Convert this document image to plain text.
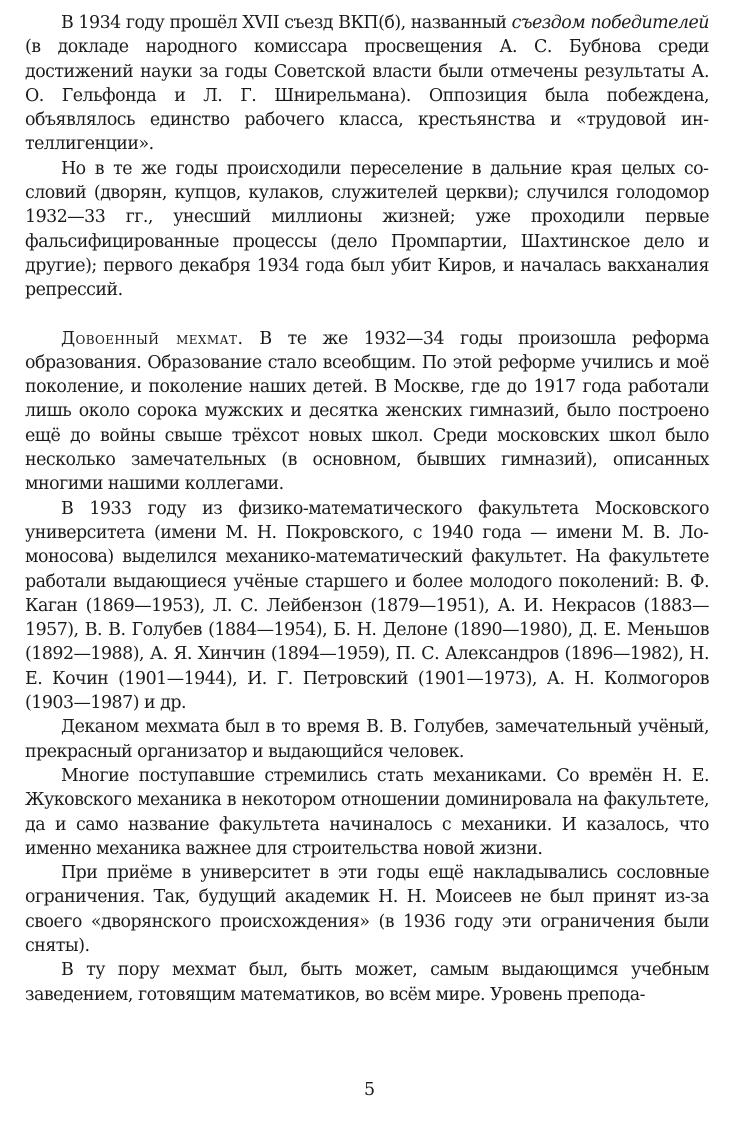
В 1934 году прошёл XVII съезд ВКП(б), названный съездом победителей (в докладе народного комиссара просвещения А. С. Бубнова среди достижений науки за годы Советской власти были отмечены результаты А. О. Гельфонда и Л. Г. Шнирельмана). Оппозиция была побеждена, объявлялось единство рабочего класса, крестьянства и «трудовой интеллигенции».

Но в те же годы происходили переселение в дальние края целых сословий (дворян, купцов, кулаков, служителей церкви); случился голодомор 1932—33 гг., унесший миллионы жизней; уже проходили первые фальсифицированные процессы (дело Промпартии, Шахтинское дело и другие); первого декабря 1934 года был убит Киров, и началась вакханалия репрессий.

Довоенный мехмат. В те же 1932—34 годы произошла реформа образования. Образование стало всеобщим. По этой реформе учились и моё поколение, и поколение наших детей. В Москве, где до 1917 года работали лишь около сорока мужских и десятка женских гимназий, было построено ещё до войны свыше трёхсот новых школ. Среди московских школ было несколько замечательных (в основном, бывших гимназий), описанных многими нашими коллегами.

В 1933 году из физико-математического факультета Московского университета (имени М. Н. Покровского, с 1940 года — имени М. В. Ломоносова) выделился механико-математический факультет. На факультете работали выдающиеся учёные старшего и более молодого поколений: В. Ф. Каган (1869—1953), Л. С. Лейбензон (1879—1951), А. И. Некрасов (1883—1957), В. В. Голубев (1884—1954), Б. Н. Делоне (1890—1980), Д. Е. Меньшов (1892—1988), А. Я. Хинчин (1894—1959), П. С. Александров (1896—1982), Н. Е. Кочин (1901—1944), И. Г. Петровский (1901—1973), А. Н. Колмогоров (1903—1987) и др.

Деканом мехмата был в то время В. В. Голубев, замечательный учёный, прекрасный организатор и выдающийся человек.

Многие поступавшие стремились стать механиками. Со времён Н. Е. Жуковского механика в некотором отношении доминировала на факультете, да и само название факультета начиналось с механики. И казалось, что именно механика важнее для строительства новой жизни.

При приёме в университет в эти годы ещё накладывались сословные ограничения. Так, будущий академик Н. Н. Моисеев не был принят из-за своего «дворянского происхождения» (в 1936 году эти ограничения были сняты).

В ту пору мехмат был, быть может, самым выдающимся учебным заведением, готовящим математиков, во всём мире. Уровень препода-

5
